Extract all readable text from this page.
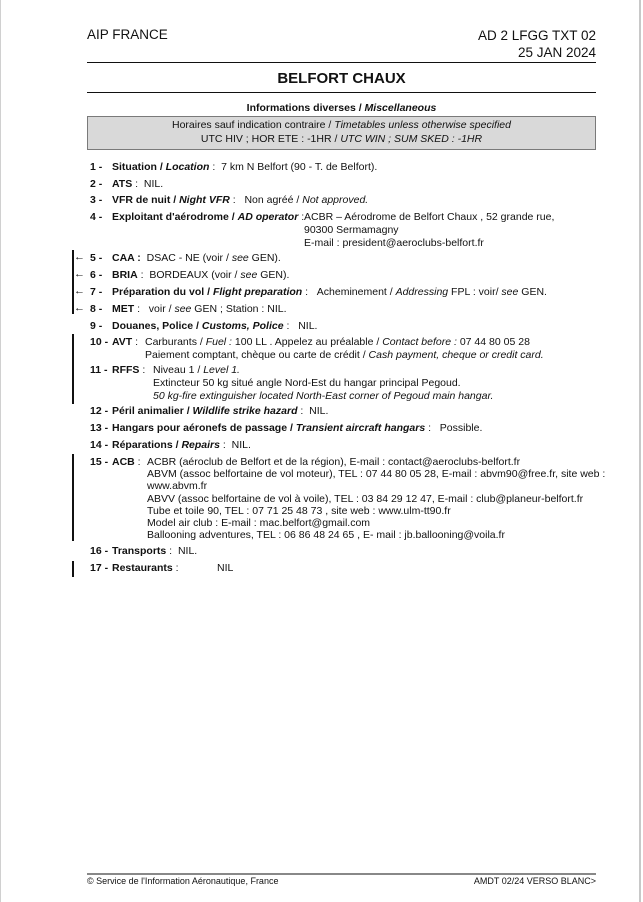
AIP FRANCE	AD 2 LFGG TXT 02
25 JAN 2024
BELFORT CHAUX
Informations diverses / Miscellaneous
Horaires sauf indication contraire / Timetables unless otherwise specified
UTC HIV ; HOR ETE : -1HR / UTC WIN ; SUM SKED : -1HR
←
←
←
←
1 - Situation / Location : 7 km N Belfort (90 - T. de Belfort).
2 - ATS : NIL.
3 - VFR de nuit / Night VFR : Non agréé / Not approved.
4 - Exploitant d'aérodrome / AD operator : ACBR – Aérodrome de Belfort Chaux , 52 grande rue,
90300 Sermamagny
E-mail : president@aeroclubs-belfort.fr
5 - CAA : DSAC - NE (voir / see GEN).
6 - BRIA : BORDEAUX (voir / see GEN).
7 - Préparation du vol / Flight preparation : Acheminement / Addressing FPL : voir/ see GEN.
8 - MET : voir / see GEN ; Station : NIL.
9 - Douanes, Police / Customs, Police : NIL.
10 - AVT : Carburants / Fuel : 100 LL . Appelez au préalable / Contact before : 07 44 80 05 28
Paiement comptant, chèque ou carte de crédit / Cash payment, cheque or credit card.
11 - RFFS : Niveau 1 / Level 1.
Extincteur 50 kg situé angle Nord-Est du hangar principal Pegoud.
50 kg-fire extinguisher located North-East corner of Pegoud main hangar.
12 - Péril animalier / Wildlife strike hazard : NIL.
13 - Hangars pour aéronefs de passage / Transient aircraft hangars : Possible.
14 - Réparations / Repairs : NIL.
15 - ACB : ACBR (aéroclub de Belfort et de la région), E-mail : contact@aeroclubs-belfort.fr
ABVM (assoc belfortaine de vol moteur), TEL : 07 44 80 05 28, E-mail : abvm90@free.fr, site web :
www.abvm.fr
ABVV (assoc belfortaine de vol à voile), TEL : 03 84 29 12 47, E-mail : club@planeur-belfort.fr
Tube et toile 90, TEL : 07 71 25 48 73 , site web : www.ulm-tt90.fr
Model air club : E-mail : mac.belfort@gmail.com
Ballooning adventures, TEL : 06 86 48 24 65 , E- mail : jb.ballooning@voila.fr
16 - Transports : NIL.
17 - Restaurants :	NIL
© Service de l'Information Aéronautique, France	AMDT 02/24 VERSO BLANC>
